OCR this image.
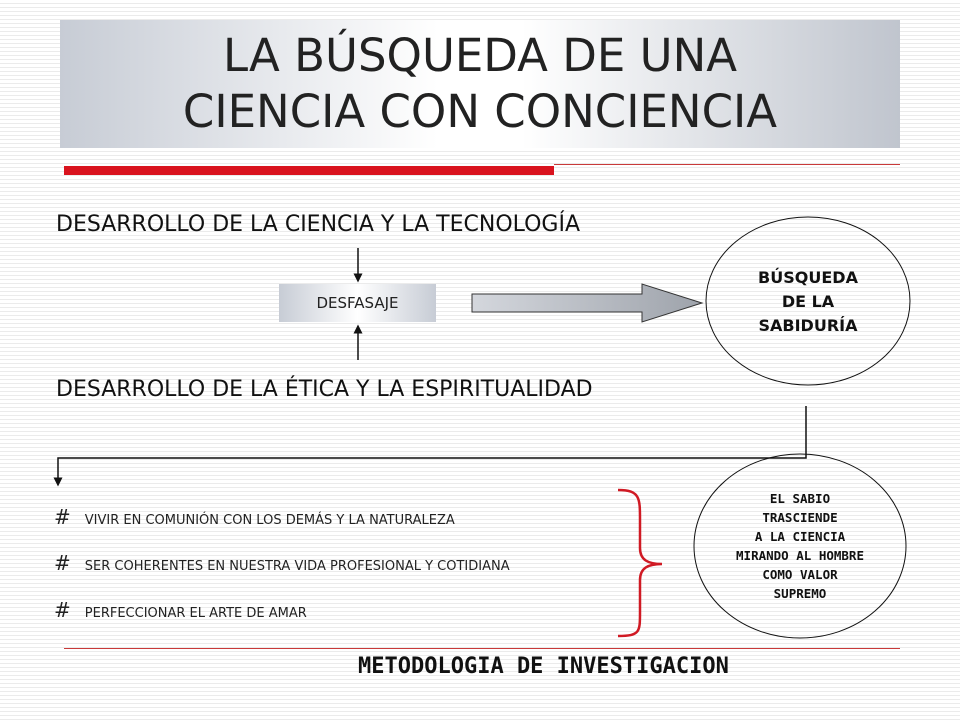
LA BÚSQUEDA DE UNA
CIENCIA CON CONCIENCIA
DESARROLLO DE LA CIENCIA Y LA TECNOLOGÍA
DESFASAJE
DESARROLLO DE LA ÉTICA Y LA ESPIRITUALIDAD
BÚSQUEDA
DE LA
SABIDURÍA
# VIVIR EN COMUNIÓN CON LOS DEMÁS Y LA NATURALEZA
# SER COHERENTES EN NUESTRA VIDA PROFESIONAL Y COTIDIANA
# PERFECCIONAR EL ARTE DE AMAR
EL SABIO
TRASCIENDE
A LA CIENCIA
MIRANDO AL HOMBRE
COMO VALOR
SUPREMO
METODOLOGIA DE INVESTIGACION
